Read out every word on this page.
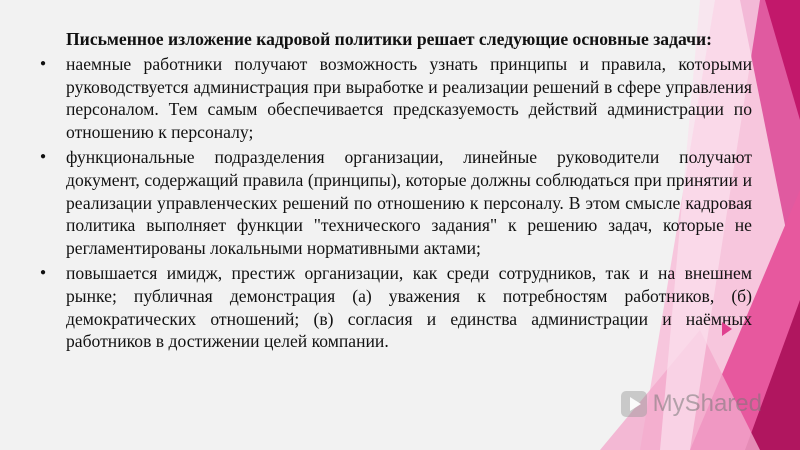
Письменное изложение кадровой политики решает следующие основные задачи:

● наемные работники получают возможность узнать принципы и правила, которыми руководствуется администрация при выработке и реализации решений в сфере управления персоналом. Тем самым обеспечивается предсказуемость действий администрации по отношению к персоналу;
● функциональные подразделения организации, линейные руководители получают документ, содержащий правила (принципы), которые должны соблюдаться при принятии и реализации управленческих решений по отношению к персоналу. В этом смысле кадровая политика выполняет функции "технического задания" к решению задач, которые не регламентированы локальными нормативными актами;
● повышается имидж, престиж организации, как среди сотрудников, так и на внешнем рынке; публичная демонстрация (а) уважения к потребностям работников, (б) демократических отношений; (в) согласия и единства администрации и наёмных работников в достижении целей компании.
MyShared
